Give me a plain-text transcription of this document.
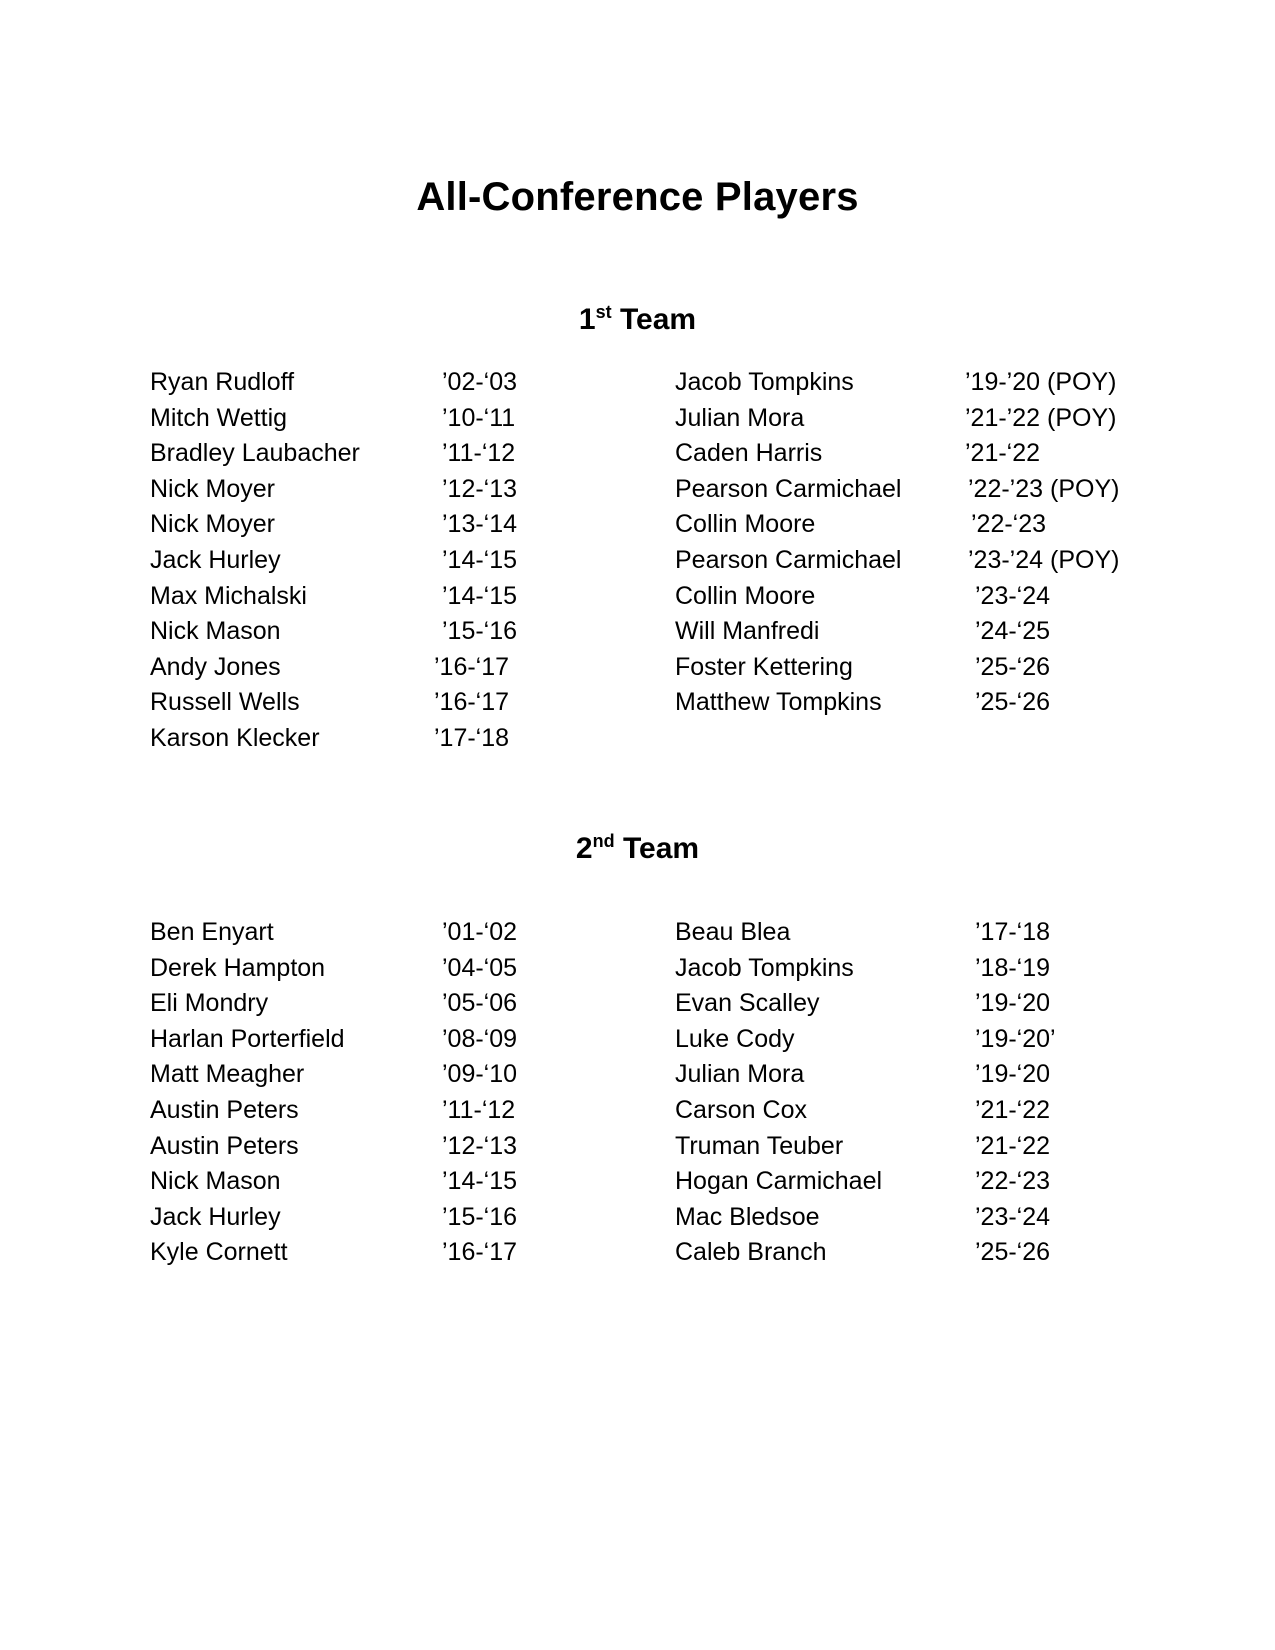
All-Conference Players
1st Team
Ryan Rudloff	’02-‘03
Mitch Wettig	’10-‘11
Bradley Laubacher	’11-‘12
Nick Moyer	’12-‘13
Nick Moyer	’13-‘14
Jack Hurley	’14-‘15
Max Michalski	’14-‘15
Nick Mason	’15-‘16
Andy Jones	’16-‘17
Russell Wells	’16-‘17
Karson Klecker	’17-‘18
Jacob Tompkins	’19-’20 (POY)
Julian Mora	’21-’22 (POY)
Caden Harris	’21-‘22
Pearson Carmichael	’22-’23 (POY)
Collin Moore	’22-‘23
Pearson Carmichael	’23-’24 (POY)
Collin Moore	’23-‘24
Will Manfredi	’24-‘25
Foster Kettering	’25-‘26
Matthew Tompkins	’25-‘26
2nd Team
Ben Enyart	’01-‘02
Derek Hampton	’04-‘05
Eli Mondry	’05-‘06
Harlan Porterfield	’08-‘09
Matt Meagher	’09-‘10
Austin Peters	’11-‘12
Austin Peters	’12-‘13
Nick Mason	’14-‘15
Jack Hurley	’15-‘16
Kyle Cornett	’16-‘17
Beau Blea	’17-‘18
Jacob Tompkins	’18-‘19
Evan Scalley	’19-‘20
Luke Cody	’19-‘20’
Julian Mora	’19-‘20
Carson Cox	’21-‘22
Truman Teuber	’21-‘22
Hogan Carmichael	’22-‘23
Mac Bledsoe	’23-‘24
Caleb Branch	’25-‘26
